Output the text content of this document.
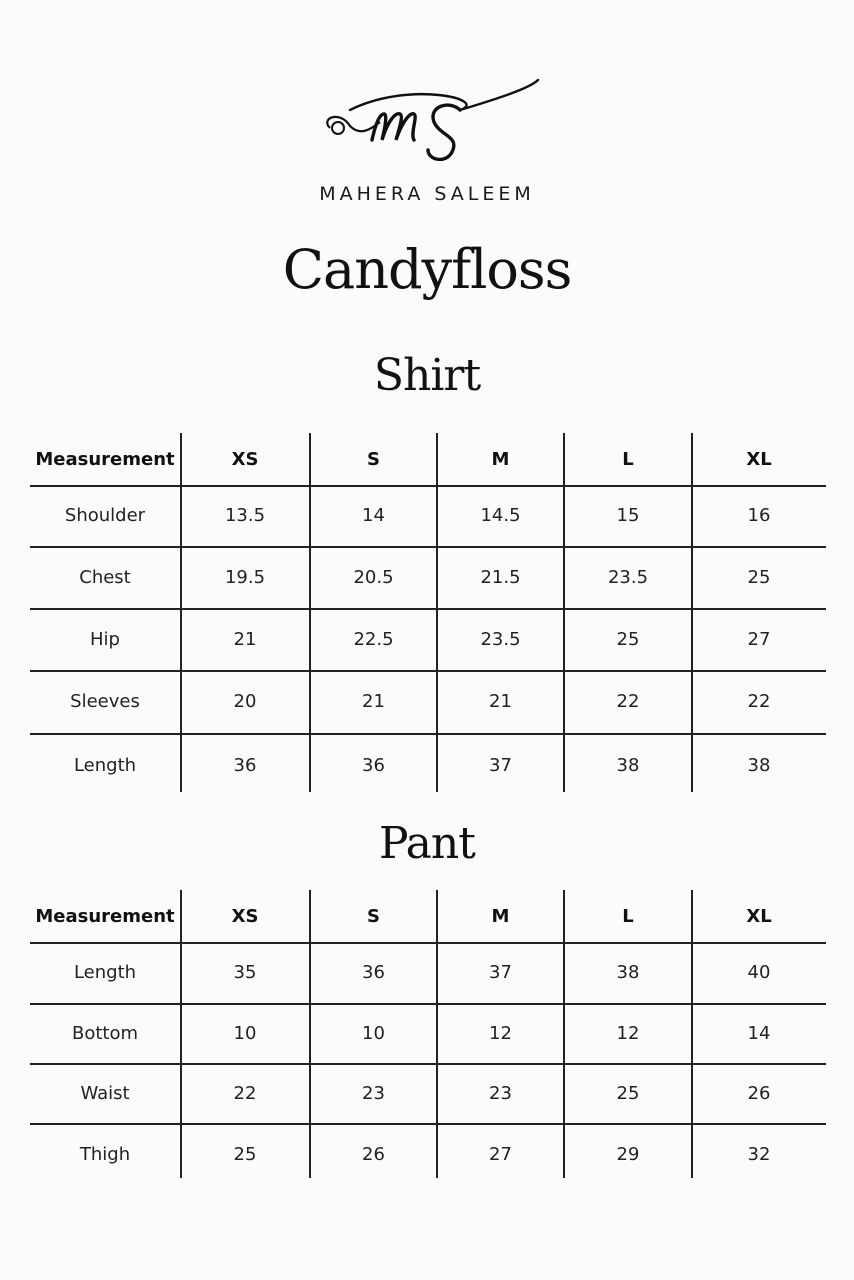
MAHERA SALEEM
Candyfloss
Shirt
Measurement	XS	S	M	L	XL
Shoulder	13.5	14	14.5	15	16
Chest	19.5	20.5	21.5	23.5	25
Hip	21	22.5	23.5	25	27
Sleeves	20	21	21	22	22
Length	36	36	37	38	38
Pant
Measurement	XS	S	M	L	XL
Length	35	36	37	38	40
Bottom	10	10	12	12	14
Waist	22	23	23	25	26
Thigh	25	26	27	29	32
